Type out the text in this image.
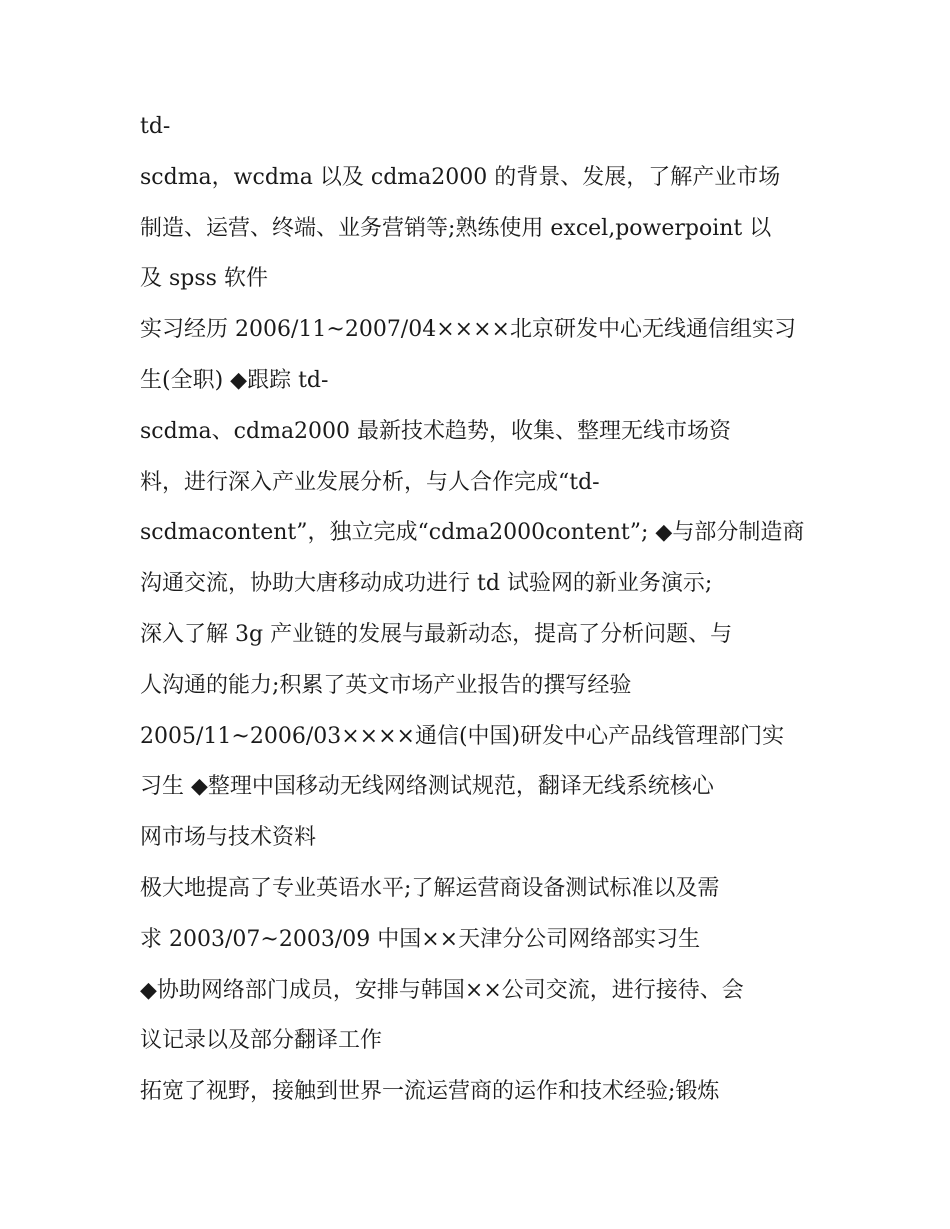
td-
scdma，wcdma 以及 cdma2000 的背景、发展，了解产业市场
制造、运营、终端、业务营销等;熟练使用 excel,powerpoint 以
及 spss 软件
实习经历 2006/11~2007/04××××北京研发中心无线通信组实习
生(全职) ◆跟踪 td-
scdma、cdma2000 最新技术趋势，收集、整理无线市场资
料，进行深入产业发展分析，与人合作完成“td-
scdmacontent”，独立完成“cdma2000content”; ◆与部分制造商
沟通交流，协助大唐移动成功进行 td 试验网的新业务演示;
深入了解 3g 产业链的发展与最新动态，提高了分析问题、与
人沟通的能力;积累了英文市场产业报告的撰写经验
2005/11~2006/03××××通信(中国)研发中心产品线管理部门实
习生 ◆整理中国移动无线网络测试规范，翻译无线系统核心
网市场与技术资料
极大地提高了专业英语水平;了解运营商设备测试标准以及需
求 2003/07~2003/09 中国××天津分公司网络部实习生
◆协助网络部门成员，安排与韩国××公司交流，进行接待、会
议记录以及部分翻译工作
拓宽了视野，接触到世界一流运营商的运作和技术经验;锻炼
